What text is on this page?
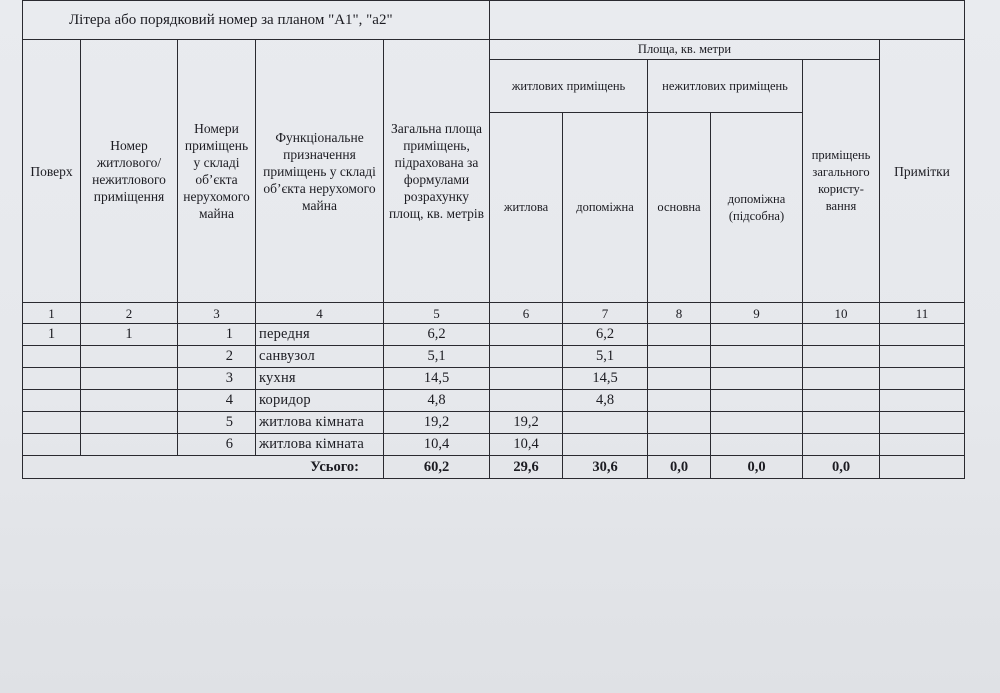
Літера або порядковий номер за планом "А1", "а2"										
Поверх	Номер житлового/ нежитлового приміщення	Номери приміщень у складі об’єкта нерухомого майна	Функціональне призначення приміщень у складі об’єкта нерухомого майна	Загальна площа приміщень, підрахована за формулами розрахунку площ, кв. метрів	Площа, кв. метри					Примітки
					житлових приміщень		нежитлових приміщень		приміщень загального користу-вання	
					житлова	допоміжна	основна	допоміжна (підсобна)		

1	2	3	4	5	6	7	8	9	10	11
1	1	1	передня	6,2		6,2				
		2	санвузол	5,1		5,1				
		3	кухня	14,5		14,5				
		4	коридор	4,8		4,8				
		5	житлова кімната	19,2	19,2					
		6	житлова кімната	10,4	10,4					
Усього:				60,2	29,6	30,6	0,0	0,0	0,0	
